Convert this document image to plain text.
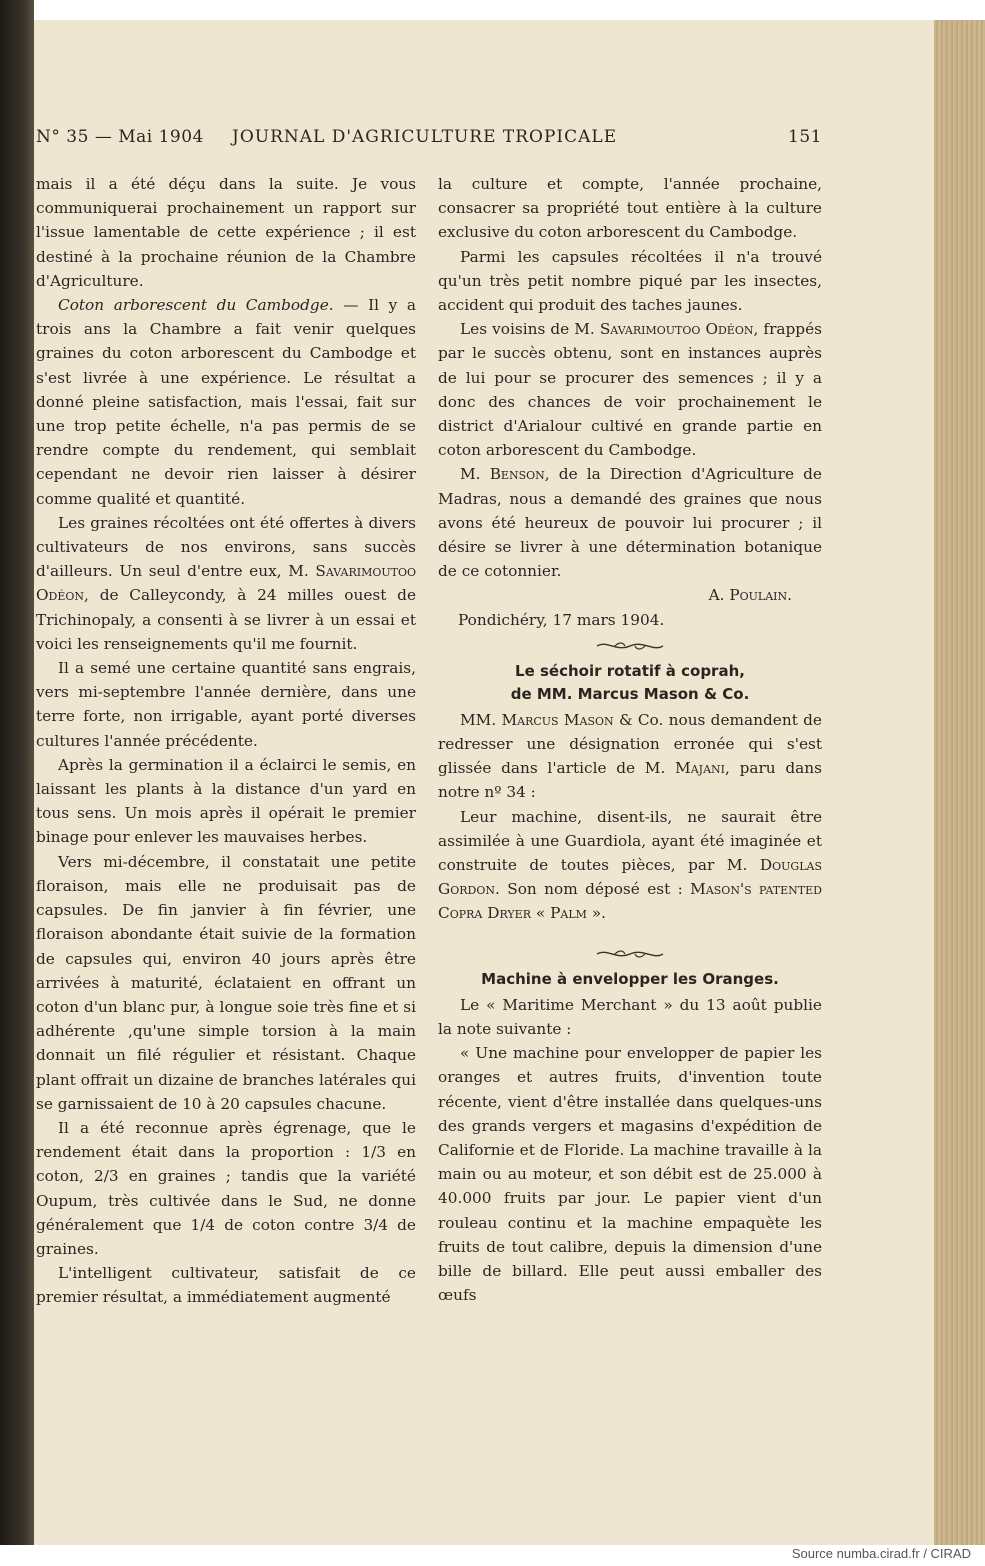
N° 35 — Mai 1904 JOURNAL D'AGRICULTURE TROPICALE	151

mais il a été déçu dans la suite. Je vous communiquerai prochainement un rapport sur l'issue lamentable de cette expérience ; il est destiné à la prochaine réunion de la Chambre d'Agriculture.

Coton arborescent du Cambodge. — Il y a trois ans la Chambre a fait venir quelques graines du coton arborescent du Cambodge et s'est livrée à une expérience. Le résultat a donné pleine satisfaction, mais l'essai, fait sur une trop petite échelle, n'a pas permis de se rendre compte du rendement, qui semblait cependant ne devoir rien laisser à désirer comme qualité et quantité.

Les graines récoltées ont été offertes à divers cultivateurs de nos environs, sans succès d'ailleurs. Un seul d'entre eux, M. Savarimoutoo Odéon, de Calleycondy, à 24 milles ouest de Trichinopaly, a consenti à se livrer à un essai et voici les renseignements qu'il me fournit.

Il a semé une certaine quantité sans engrais, vers mi-septembre l'année dernière, dans une terre forte, non irrigable, ayant porté diverses cultures l'année précédente.

Après la germination il a éclairci le semis, en laissant les plants à la distance d'un yard en tous sens. Un mois après il opérait le premier binage pour enlever les mauvaises herbes.

Vers mi-décembre, il constatait une petite floraison, mais elle ne produisait pas de capsules. De fin janvier à fin février, une floraison abondante était suivie de la formation de capsules qui, environ 40 jours après être arrivées à maturité, éclataient en offrant un coton d'un blanc pur, à longue soie très fine et si adhérente ,qu'une simple torsion à la main donnait un filé régulier et résistant. Chaque plant offrait un dizaine de branches latérales qui se garnissaient de 10 à 20 capsules chacune.

Il a été reconnue après égrenage, que le rendement était dans la proportion : 1/3 en coton, 2/3 en graines ; tandis que la variété Oupum, très cultivée dans le Sud, ne donne généralement que 1/4 de coton contre 3/4 de graines.

L'intelligent cultivateur, satisfait de ce premier résultat, a immédiatement augmenté

la culture et compte, l'année prochaine, consacrer sa propriété tout entière à la culture exclusive du coton arborescent du Cambodge.

Parmi les capsules récoltées il n'a trouvé qu'un très petit nombre piqué par les insectes, accident qui produit des taches jaunes.

Les voisins de M. Savarimoutoo Odéon, frappés par le succès obtenu, sont en instances auprès de lui pour se procurer des semences ; il y a donc des chances de voir prochainement le district d'Arialour cultivé en grande partie en coton arborescent du Cambodge.

M. Benson, de la Direction d'Agriculture de Madras, nous a demandé des graines que nous avons été heureux de pouvoir lui procurer ; il désire se livrer à une détermination botanique de ce cotonnier.

A. Poulain.

Pondichéry, 17 mars 1904.

Le séchoir rotatif à coprah,
de MM. Marcus Mason & Co.

MM. Marcus Mason & Co. nous demandent de redresser une désignation erronée qui s'est glissée dans l'article de M. Majani, paru dans notre nº 34 :

Leur machine, disent-ils, ne saurait être assimilée à une Guardiola, ayant été imaginée et construite de toutes pièces, par M. Douglas Gordon. Son nom déposé est : Mason's patented Copra Dryer « Palm ».

Machine à envelopper les Oranges.

Le « Maritime Merchant » du 13 août publie la note suivante :

« Une machine pour envelopper de papier les oranges et autres fruits, d'invention toute récente, vient d'être installée dans quelques-uns des grands vergers et magasins d'expédition de Californie et de Floride. La machine travaille à la main ou au moteur, et son débit est de 25.000 à 40.000 fruits par jour. Le papier vient d'un rouleau continu et la machine empaquète les fruits de tout calibre, depuis la dimension d'une bille de billard. Elle peut aussi emballer des œufs

Source numba.cirad.fr / CIRAD
